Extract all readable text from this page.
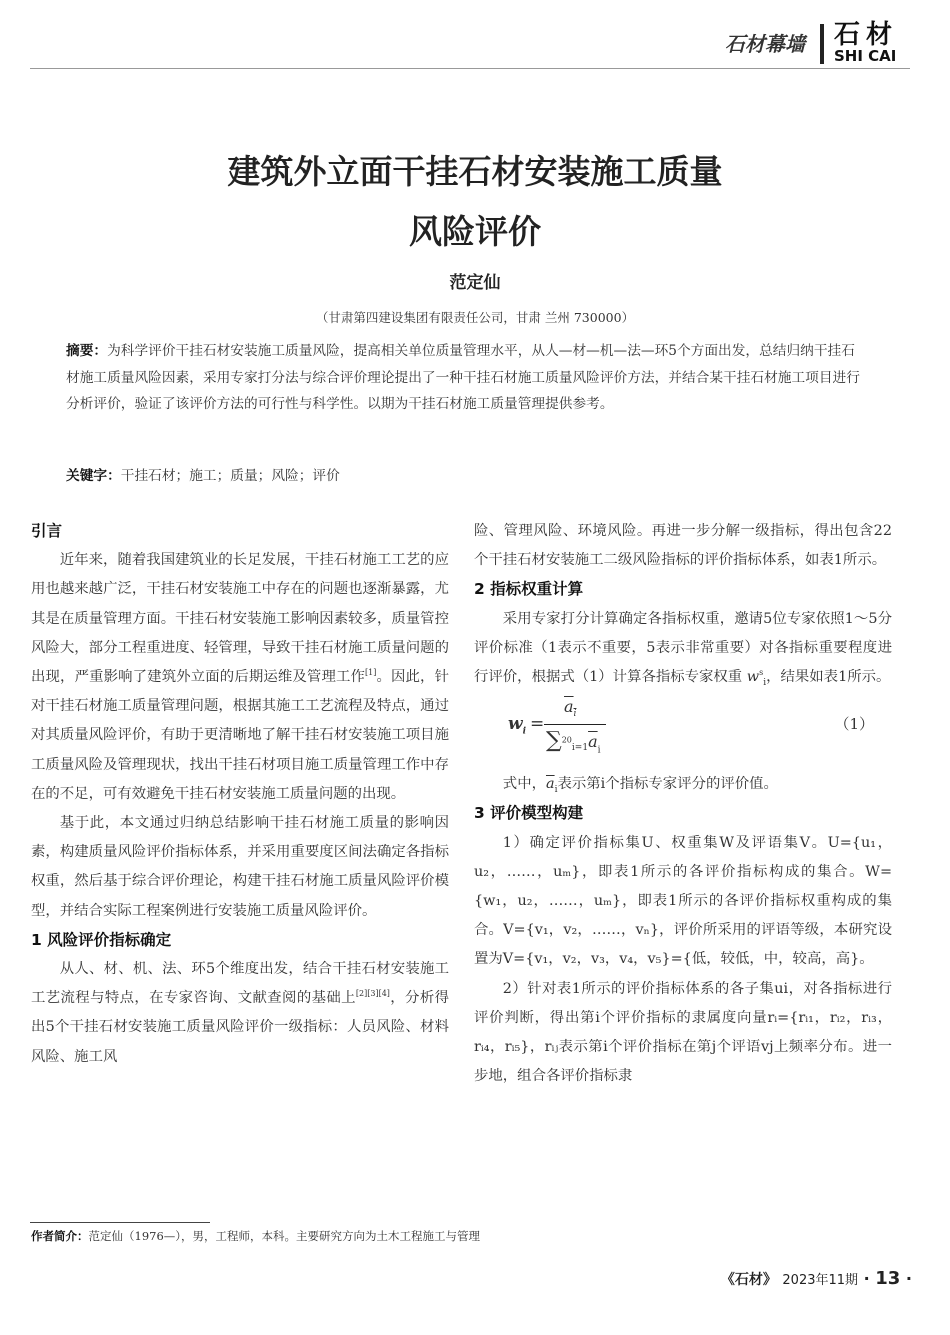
石材幕墙 石材
SHI CAI
建筑外立面干挂石材安装施工质量
风险评价
范定仙
（甘肃第四建设集团有限责任公司，甘肃 兰州 730000）
摘要：为科学评价干挂石材安装施工质量风险，提高相关单位质量管理水平，从人—材—机—法—环5个方面出发，总结归纳干挂石材施工质量风险因素，采用专家打分法与综合评价理论提出了一种干挂石材施工质量风险评价方法，并结合某干挂石材施工项目进行分析评价，验证了该评价方法的可行性与科学性。以期为干挂石材施工质量管理提供参考。
关键字：干挂石材；施工；质量；风险；评价
引言

近年来，随着我国建筑业的长足发展，干挂石材施工工艺的应用也越来越广泛，干挂石材安装施工中存在的问题也逐渐暴露，尤其是在质量管理方面。干挂石材安装施工影响因素较多，质量管控风险大，部分工程重进度、轻管理，导致干挂石材施工质量问题的出现，严重影响了建筑外立面的后期运维及管理工作[1]。因此，针对干挂石材施工质量管理问题，根据其施工工艺流程及特点，通过对其质量风险评价，有助于更清晰地了解干挂石材安装施工项目施工质量风险及管理现状，找出干挂石材项目施工质量管理工作中存在的不足，可有效避免干挂石材安装施工质量问题的出现。

基于此，本文通过归纳总结影响干挂石材施工质量的影响因素，构建质量风险评价指标体系，并采用重要度区间法确定各指标权重，然后基于综合评价理论，构建干挂石材施工质量风险评价模型，并结合实际工程案例进行安装施工质量风险评价。

1 风险评价指标确定

从人、材、机、法、环5个维度出发，结合干挂石材安装施工工艺流程与特点，在专家咨询、文献查阅的基础上[2][3][4]，分析得出5个干挂石材安装施工质量风险评价一级指标：人员风险、材料风险、施工风

险、管理风险、环境风险。再进一步分解一级指标，得出包含22个干挂石材安装施工二级风险指标的评价指标体系，如表1所示。

2 指标权重计算

采用专家打分计算确定各指标权重，邀请5位专家依照1～5分评价标准（1表示不重要，5表示非常重要）对各指标重要程度进行评价，根据式（1）计算各指标专家权重 $w^s_i$，结果如表1所示。

$w_i$ =
$a_i$
$\sum^{20}_{i=1}\overline{a}_i$
（1）

式中，$\overline{a}_i$表示第i个指标专家评分的评价值。

3 评价模型构建

1）确定评价指标集U、权重集W及评语集V。U={u₁，u₂，……，uₘ}，即表1所示的各评价指标构成的集合。W={w₁，u₂，……，uₘ}，即表1所示的各评价指标权重构成的集合。V={v₁，v₂，……，vₙ}，评价所采用的评语等级，本研究设置为V={v₁，v₂，v₃，v₄，v₅}={低，较低，中，较高，高}。

2）针对表1所示的评价指标体系的各子集ui，对各指标进行评价判断，得出第i个评价指标的隶属度向量rᵢ={rᵢ₁，rᵢ₂，rᵢ₃，rᵢ₄，rᵢ₅}，rᵢⱼ表示第i个评价指标在第j个评语vj上频率分布。进一步地，组合各评价指标隶

作者简介：范定仙（1976—），男，工程师，本科。主要研究方向为土木工程施工与管理
《石材》 2023年11期 · 13 ·
